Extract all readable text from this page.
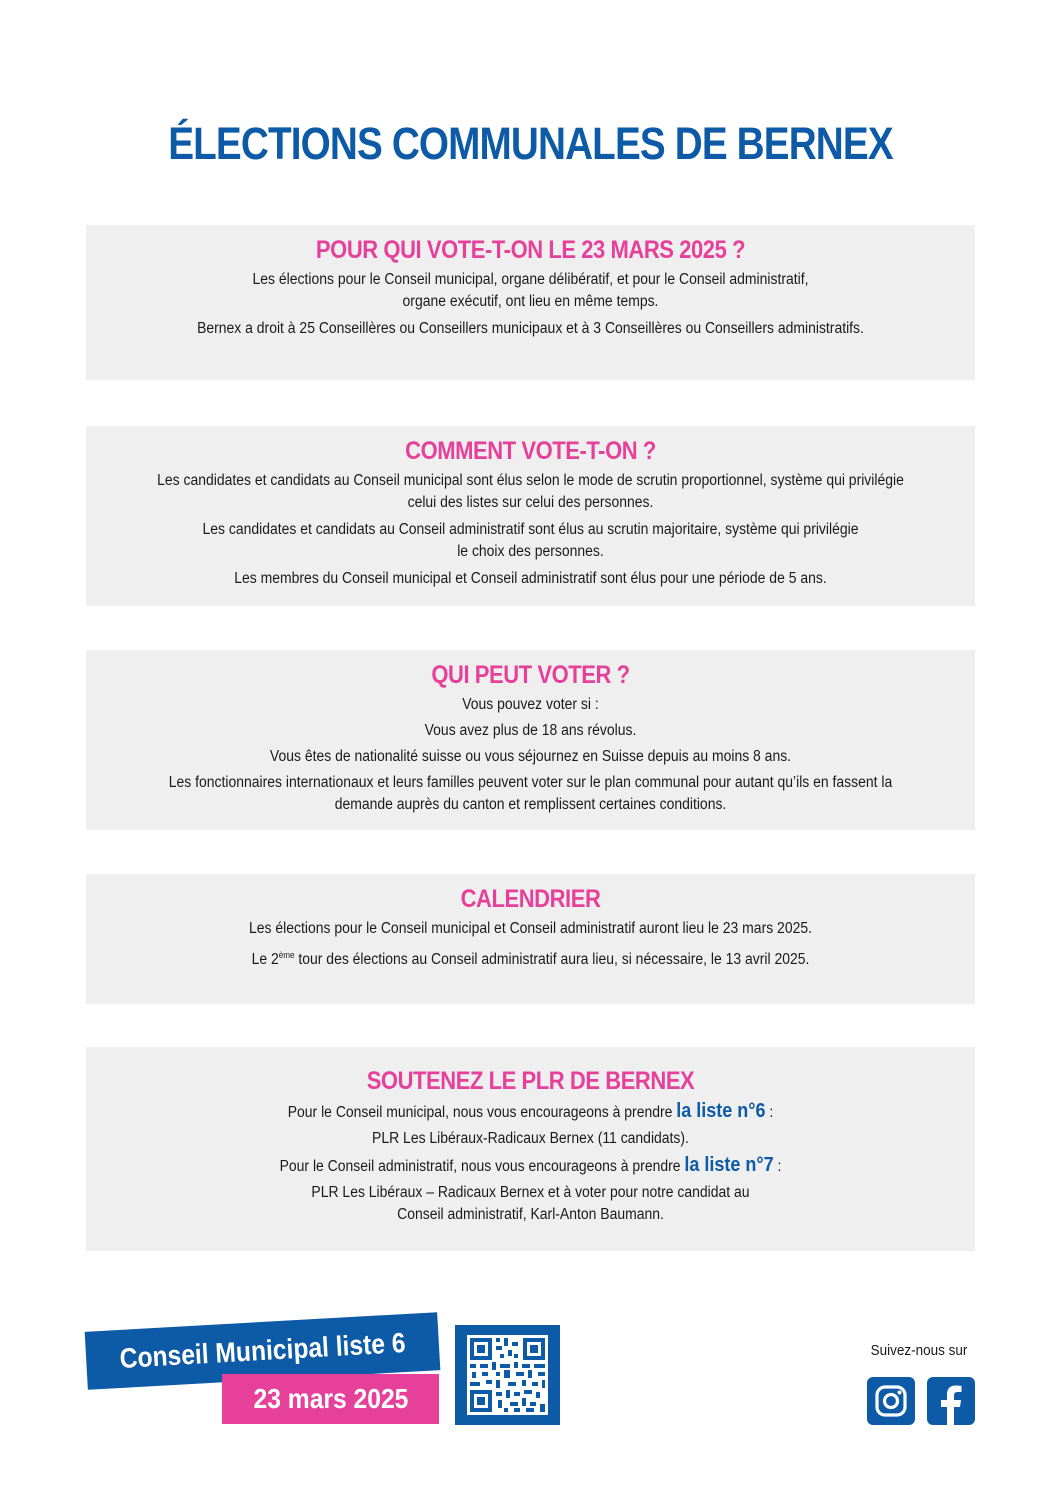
ÉLECTIONS COMMUNALES DE BERNEX
POUR QUI VOTE-T-ON LE 23 MARS 2025 ?

Les élections pour le Conseil municipal, organe délibératif, et pour le Conseil administratif,

organe exécutif, ont lieu en même temps.

Bernex a droit à 25 Conseillères ou Conseillers municipaux et à 3 Conseillères ou Conseillers administratifs.

COMMENT VOTE-T-ON ?

Les candidates et candidats au Conseil municipal sont élus selon le mode de scrutin proportionnel, système qui privilégie

celui des listes sur celui des personnes.

Les candidates et candidats au Conseil administratif sont élus au scrutin majoritaire, système qui privilégie

le choix des personnes.

Les membres du Conseil municipal et Conseil administratif sont élus pour une période de 5 ans.

QUI PEUT VOTER ?

Vous pouvez voter si :

Vous avez plus de 18 ans révolus.

Vous êtes de nationalité suisse ou vous séjournez en Suisse depuis au moins 8 ans.

Les fonctionnaires internationaux et leurs familles peuvent voter sur le plan communal pour autant qu’ils en fassent la

demande auprès du canton et remplissent certaines conditions.

CALENDRIER

Les élections pour le Conseil municipal et Conseil administratif auront lieu le 23 mars 2025.

Le 2ème tour des élections au Conseil administratif aura lieu, si nécessaire, le 13 avril 2025.

SOUTENEZ LE PLR DE BERNEX

Pour le Conseil municipal, nous vous encourageons à prendre la liste n°6 :

PLR Les Libéraux-Radicaux Bernex (11 candidats).

Pour le Conseil administratif, nous vous encourageons à prendre la liste n°7 :

PLR Les Libéraux – Radicaux Bernex et à voter pour notre candidat au

Conseil administratif, Karl-Anton Baumann.

Conseil Municipal liste 6
23 mars 2025
Suivez-nous sur
